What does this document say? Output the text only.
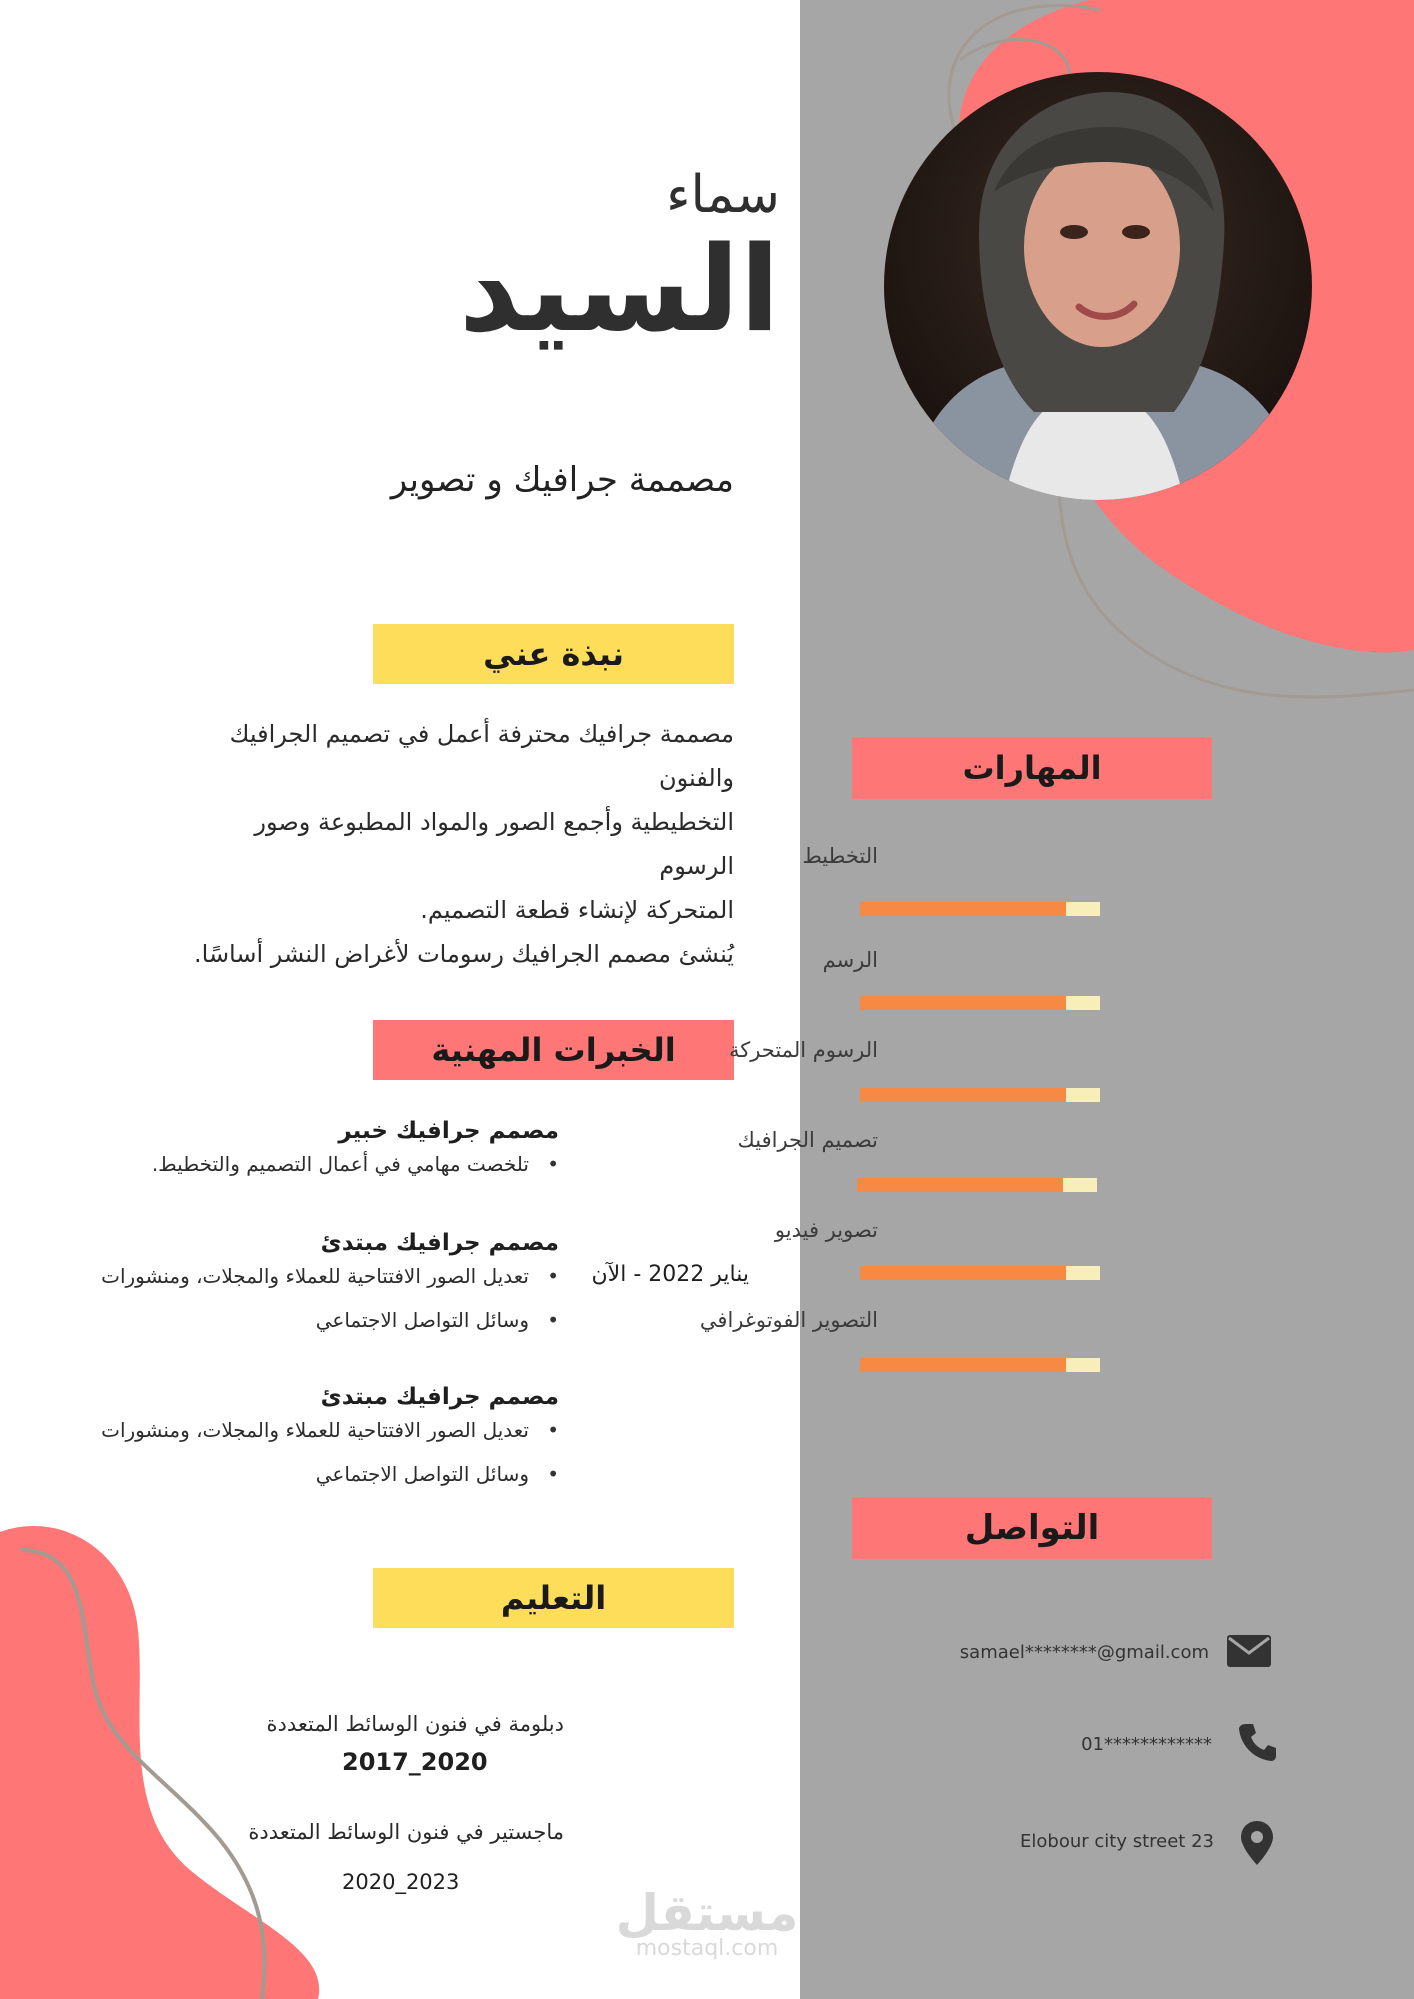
سماء
السيد
مصممة جرافيك و تصوير
نبذة عني
مصممة جرافيك محترفة أعمل في تصميم الجرافيك والفنون
التخطيطية وأجمع الصور والمواد المطبوعة وصور الرسوم
المتحركة لإنشاء قطعة التصميم.
يُنشئ مصمم الجرافيك رسومات لأغراض النشر أساسًا.
الخبرات المهنية
مصمم جرافيك خبير
• تلخصت مهامي في أعمال التصميم والتخطيط.
مصمم جرافيك مبتدئ
• تعديل الصور الافتتاحية للعملاء والمجلات، ومنشورات
• وسائل التواصل الاجتماعي
يناير 2022 - الآن
مصمم جرافيك مبتدئ
• تعديل الصور الافتتاحية للعملاء والمجلات، ومنشورات
• وسائل التواصل الاجتماعي
التعليم
دبلومة في فنون الوسائط المتعددة
2017_2020
ماجستير في فنون الوسائط المتعددة
2020_2023
المهارات
التخطيط
الرسم
الرسوم المتحركة
تصميم الجرافيك
تصوير فيديو
التصوير الفوتوغرافي
التواصل
samael********@gmail.com
01************
Elobour city street 23
مستقل
mostaql.com
